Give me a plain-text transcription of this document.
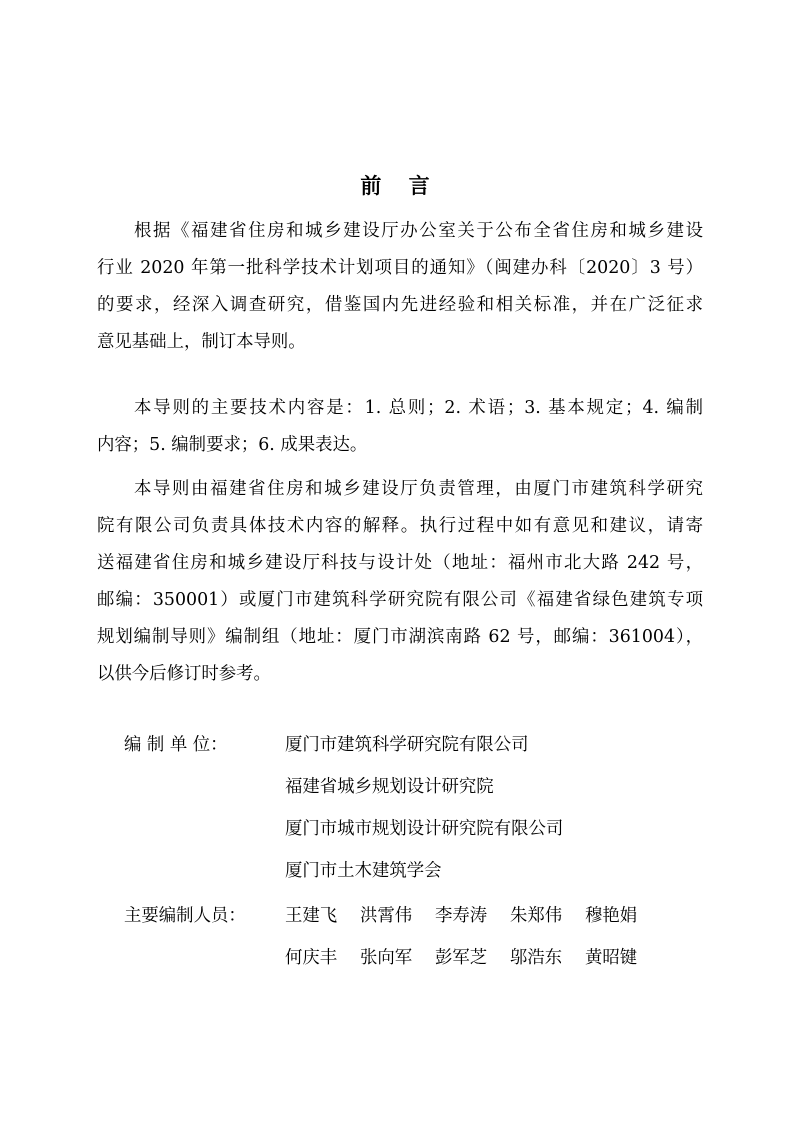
前 言
根据《福建省住房和城乡建设厅办公室关于公布全省住房和城乡建设
行业 2020 年第一批科学技术计划项目的通知》（闽建办科〔2020〕3 号）
的要求，经深入调查研究，借鉴国内先进经验和相关标准，并在广泛征求
意见基础上，制订本导则。
本导则的主要技术内容是：1. 总则；2. 术语；3. 基本规定；4. 编制
内容；5. 编制要求；6. 成果表达。
本导则由福建省住房和城乡建设厅负责管理，由厦门市建筑科学研究
院有限公司负责具体技术内容的解释。执行过程中如有意见和建议，请寄
送福建省住房和城乡建设厅科技与设计处（地址：福州市北大路 242 号，
邮编：350001）或厦门市建筑科学研究院有限公司《福建省绿色建筑专项
规划编制导则》编制组（地址：厦门市湖滨南路 62 号，邮编：361004），
以供今后修订时参考。
编 制 单 位：	厦门市建筑科学研究院有限公司
福建省城乡规划设计研究院
厦门市城市规划设计研究院有限公司
厦门市土木建筑学会
主要编制人员： 王建飞	洪霄伟	李寿涛	朱郑伟	穆艳娟
何庆丰	张向军	彭军芝	邬浩东	黄昭键
